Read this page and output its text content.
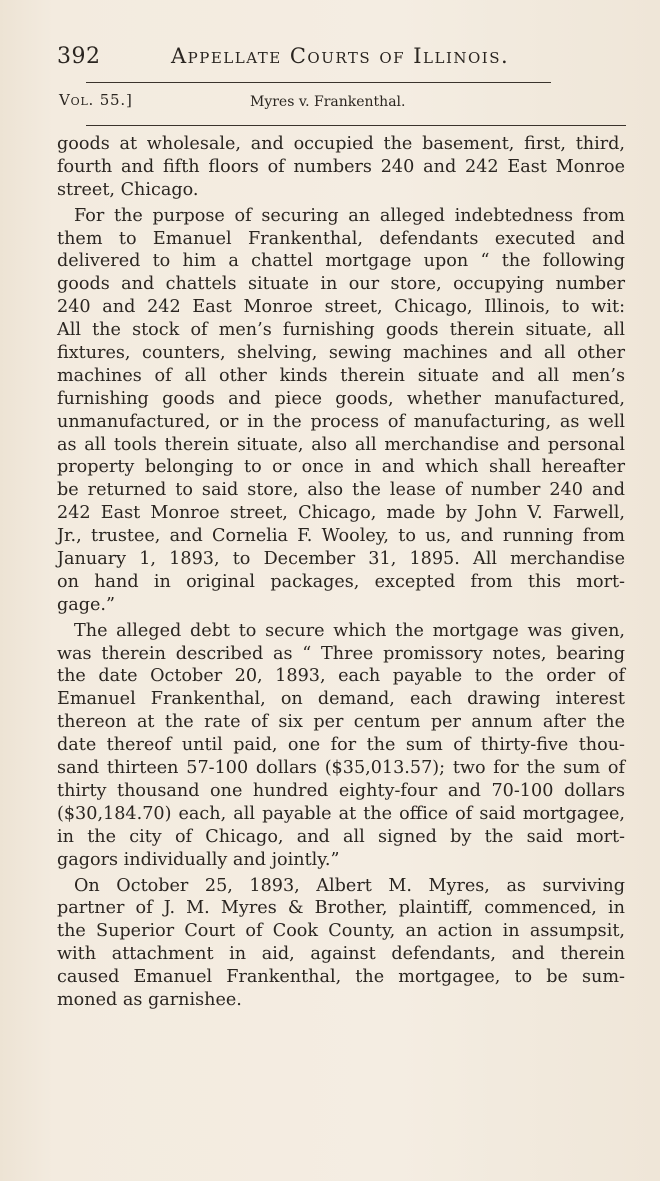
392	Appellate Courts of Illinois.
Vol. 55.]	Myres v. Frankenthal.
goods at wholesale, and occupied the basement, first, third,
fourth and fifth floors of numbers 240 and 242 East Monroe
street, Chicago.
For the purpose of securing an alleged indebtedness from
them to Emanuel Frankenthal, defendants executed and
delivered to him a chattel mortgage upon “ the following
goods and chattels situate in our store, occupying number
240 and 242 East Monroe street, Chicago, Illinois, to wit:
All the stock of men’s furnishing goods therein situate, all
fixtures, counters, shelving, sewing machines and all other
machines of all other kinds therein situate and all men’s
furnishing goods and piece goods, whether manufactured,
unmanufactured, or in the process of manufacturing, as well
as all tools therein situate, also all merchandise and personal
property belonging to or once in and which shall hereafter
be returned to said store, also the lease of number 240 and
242 East Monroe street, Chicago, made by John V. Farwell,
Jr., trustee, and Cornelia F. Wooley, to us, and running from
January 1, 1893, to December 31, 1895. All merchandise
on hand in original packages, excepted from this mort-
gage.”
The alleged debt to secure which the mortgage was given,
was therein described as “ Three promissory notes, bearing
the date October 20, 1893, each payable to the order of
Emanuel Frankenthal, on demand, each drawing interest
thereon at the rate of six per centum per annum after the
date thereof until paid, one for the sum of thirty-five thou-
sand thirteen 57-100 dollars ($35,013.57); two for the sum of
thirty thousand one hundred eighty-four and 70-100 dollars
($30,184.70) each, all payable at the office of said mortgagee,
in the city of Chicago, and all signed by the said mort-
gagors individually and jointly.”
On October 25, 1893, Albert M. Myres, as surviving
partner of J. M. Myres & Brother, plaintiff, commenced, in
the Superior Court of Cook County, an action in assumpsit,
with attachment in aid, against defendants, and therein
caused Emanuel Frankenthal, the mortgagee, to be sum-
moned as garnishee.
